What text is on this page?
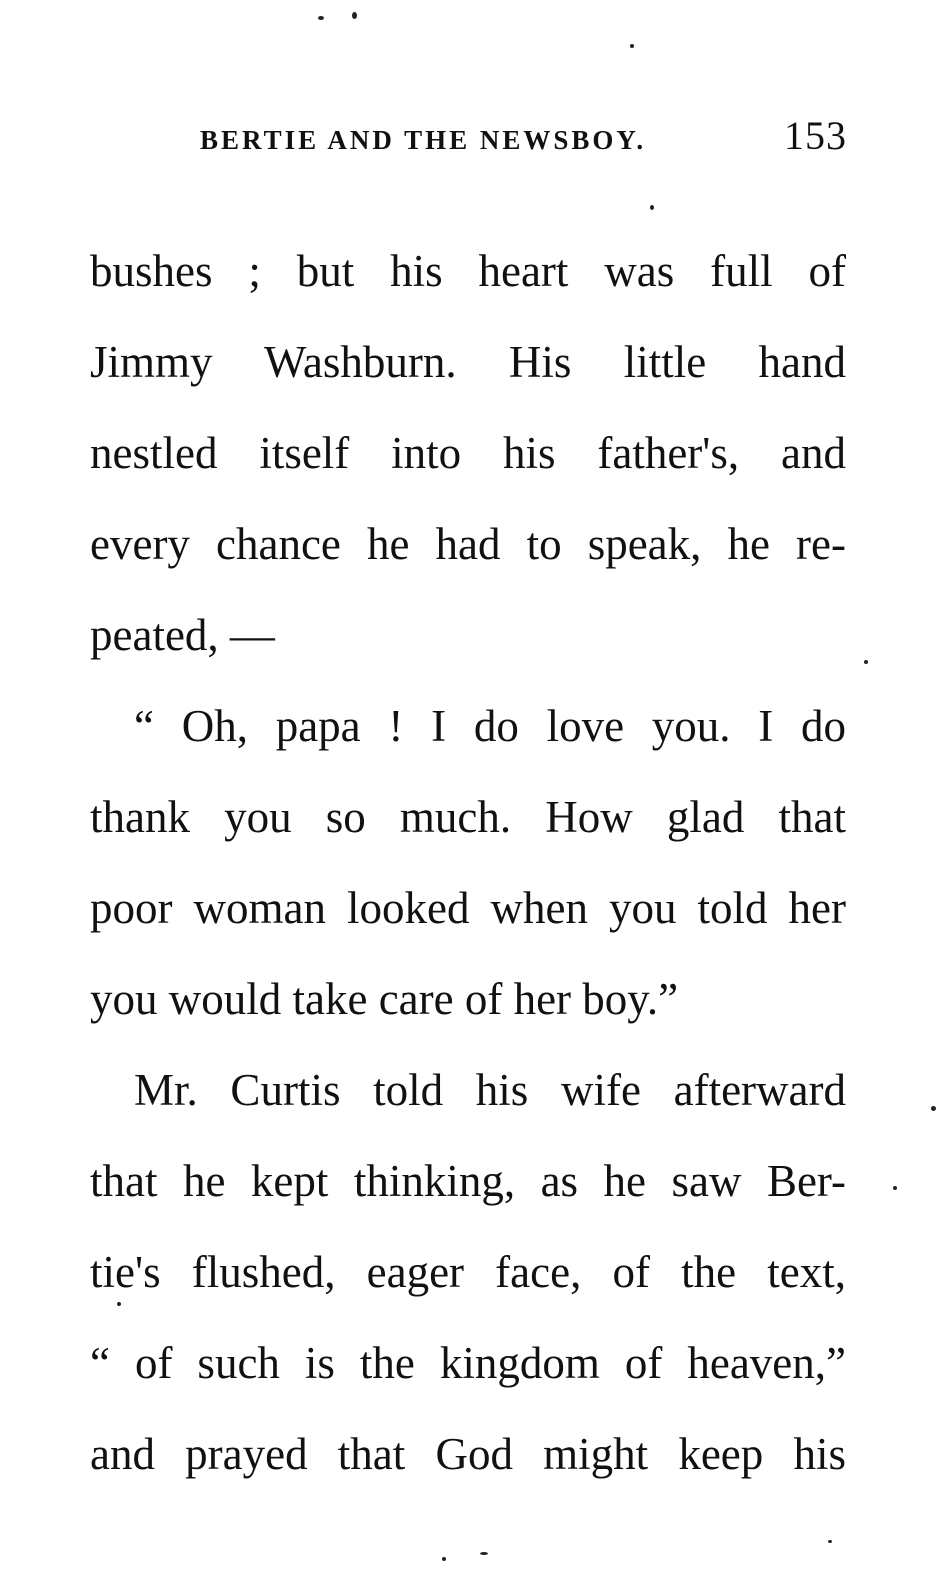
BERTIE AND THE NEWSBOY.	153
bushes ; but his heart was full of
Jimmy Washburn. His little hand
nestled itself into his father's, and
every chance he had to speak, he re-
peated, —
“ Oh, papa ! I do love you. I do
thank you so much. How glad that
poor woman looked when you told her
you would take care of her boy.”
Mr. Curtis told his wife afterward
that he kept thinking, as he saw Ber-
tie's flushed, eager face, of the text,
“ of such is the kingdom of heaven,”
and prayed that God might keep his
